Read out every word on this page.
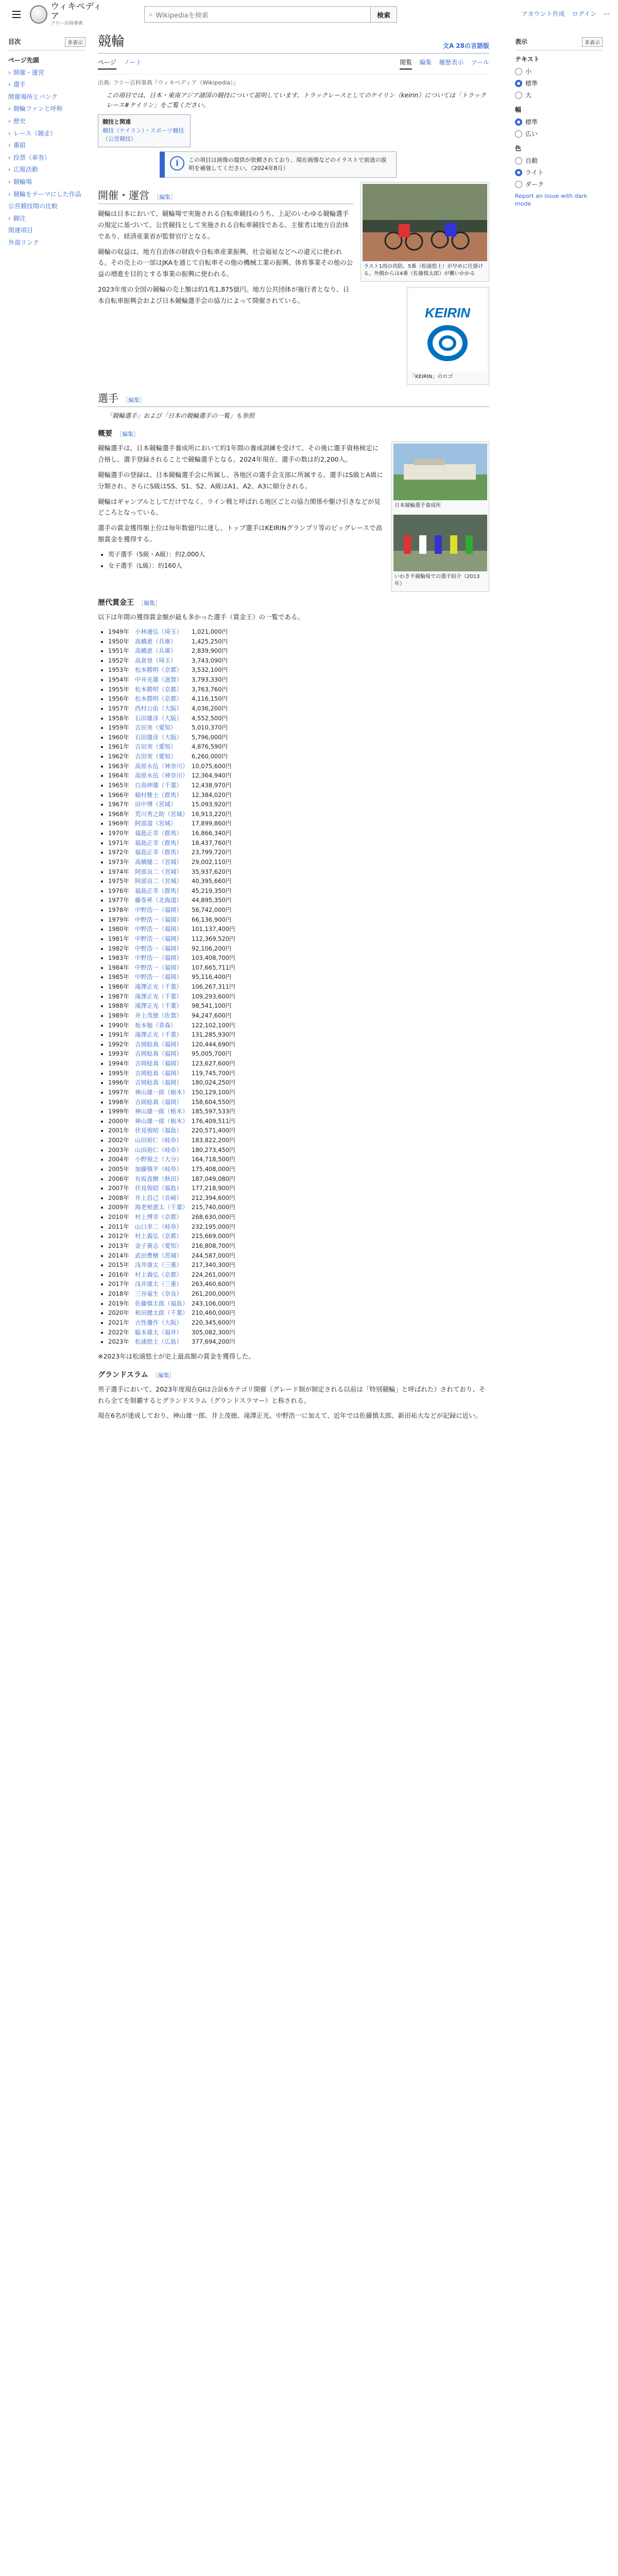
ウィキペディア
フリー百科事典
⌕ Wikipediaを検索	検索	アカウント作成 ログイン ⋯
目次	非表示
ページ先頭
› 開催・運営
› 選手
開催場所とバンク
› 競輪ファンと呼称
› 歴史
› レース（競走）
› 番組
› 投票（車券）
› 広報活動
› 競輪場
› 競輪をテーマにした作品
公営競技間の比較
› 脚注
関連項目
外部リンク
競輪	文A 28の言語版
ページ ノート	閲覧 編集 履歴表示 ツール
出典: フリー百科事典『ウィキペディア（Wikipedia）』
この項目では、日本・東南アジア諸国の競技について説明しています。トラックレースとしてのケイリン（keirin）については「トラックレース#ケイリン」をご覧ください。
競技と関連
競技（ケイリン）・スポーツ競技（公営競技）
i	この項目は画像の提供が依頼されており、現在画像などのイラストで前途の説明を補強してください。（2024年8月）
ラスト1周の攻防。5番（松浦悠士）が早めに仕掛ける。外側からは4番（佐藤慎太郎）が襲いかかる
開催・運営	［ 編集 ］

競輪は日本において、競輪場で実施される自転車競技のうち、上記のいわゆる競輪選手の規定に基づいて、公営競技として実施される自転車競技である。主催者は地方自治体であり、経済産業省が監督官庁となる。

KEIRIN
「KEIRIN」のロゴ

競輪の収益は、地方自治体の財政や自転車産業振興、社会福祉などへの還元に使われる。その売上の一部はJKAを通じて自転車その他の機械工業の振興、体育事業その他の公益の増進を目的とする事業の振興に使われる。

2023年度の全国の競輪の売上額は約1兆1,875億円。地方公共団体が施行者となり、日本自転車振興会および日本競輪選手会の協力によって開催されている。

選手	［ 編集 ］
「競輪選手」および「日本の競輪選手の一覧」も参照
概要	［ 編集 ］
日本競輪選手養成所
いわき平競輪場での選手紹介（2013年）

競輪選手は、日本競輪選手養成所において約1年間の養成訓練を受けて、その後に選手資格検定に合格し、選手登録されることで競輪選手となる。2024年現在、選手の数は約2,200人。

競輪選手の登録は、日本競輪選手会に所属し、各地区の選手会支部に所属する。選手はS級とA級に分類され、さらにS級はSS、S1、S2、A級はA1、A2、A3に細分される。

競輪はギャンブルとしてだけでなく、ライン戦と呼ばれる地区ごとの協力関係や駆け引きなどが見どころとなっている。

選手の賞金獲得額上位は毎年数億円に達し、トップ選手はKEIRINグランプリ等のビッグレースで高額賞金を獲得する。

• 男子選手（S級・A級）：約2,000人
• 女子選手（L級）：約160人
歴代賞金王	［ 編集 ］

以下は年間の獲得賞金額が最も多かった選手（賞金王）の一覧である。

• 1949年 小林通弘（埼玉） 1,021,000円
• 1950年 高橋恵（兵庫）	1,425,250円
• 1951年 高橋恵（兵庫）	2,839,900円
• 1952年 高倉登（埼玉）	3,743,090円
• 1953年 松本勝明（京都） 3,532,100円
• 1954年 中井光雄（滋賀） 3,793,330円
• 1955年 松本勝明（京都） 3,763,760円
• 1956年 松本勝明（京都） 4,116,150円
• 1957年 西村公佑（大阪） 4,036,200円
• 1958年 石田雄彦（大阪） 4,552,500円
• 1959年 吉田実（愛知）	5,010,370円
• 1960年 石田雄彦（大阪） 5,796,000円
• 1961年 吉田実（愛知）	4,876,590円
• 1962年 吉田実（愛知）	6,260,000円
• 1963年 高原永伍（神奈川） 10,075,600円
• 1964年 高原永伍（神奈川） 12,364,940円
• 1965年 白鳥伸雄（千葉） 12,438,970円
• 1966年 稲村雅士（群馬） 12,384,020円
• 1967年 田中博（宮城）	15,093,920円
• 1968年 荒川秀之助（宮城） 16,913,220円
• 1969年 阿部道（宮城）	17,899,860円
• 1970年 福島正幸（群馬） 16,866,340円
• 1971年 福島正幸（群馬） 18,437,760円
• 1972年 福島正幸（群馬） 23,799,720円
• 1973年 高橋健二（宮城） 29,002,110円
• 1974年 阿部良二（宮城） 35,937,620円
• 1975年 阿部良二（宮城） 40,395,660円
• 1976年 福島正幸（群馬） 45,219,350円
• 1977年 藤巻昇（北海道） 44,895,350円
• 1978年 中野浩一（福岡） 56,742,000円
• 1979年 中野浩一（福岡） 66,136,900円
• 1980年 中野浩一（福岡） 101,137,400円
• 1981年 中野浩一（福岡） 112,369,520円
• 1982年 中野浩一（福岡） 92,106,200円
• 1983年 中野浩一（福岡） 103,408,700円
• 1984年 中野浩一（福岡） 107,665,711円
• 1985年 中野浩一（福岡） 95,116,400円
• 1986年 滝澤正光（千葉） 106,267,311円
• 1987年 滝澤正光（千葉） 109,293,600円
• 1988年 滝澤正光（千葉） 98,541,100円
• 1989年 井上茂徳（佐賀） 94,247,600円
• 1990年 坂本勉（青森）	122,102,100円
• 1991年 滝澤正光（千葉） 131,285,930円
• 1992年 吉岡稔真（福岡） 120,444,690円
• 1993年 吉岡稔真（福岡） 95,005,700円
• 1994年 吉岡稔真（福岡） 123,627,600円
• 1995年 吉岡稔真（福岡） 119,745,700円
• 1996年 吉岡稔真（福岡） 180,024,250円
• 1997年 神山雄一郎（栃木） 150,129,100円
• 1998年 吉岡稔真（福岡） 158,604,550円
• 1999年 神山雄一郎（栃木） 185,597,533円
• 2000年 神山雄一郎（栃木） 176,409,511円
• 2001年 伏見俊昭（福島） 220,571,400円
• 2002年 山田裕仁（岐阜） 183,822,200円
• 2003年 山田裕仁（岐阜） 180,273,450円
• 2004年 小野俊之（大分） 164,718,500円
• 2005年 加藤慎平（岐阜） 175,408,000円
• 2006年 有坂直樹（秋田） 187,049,080円
• 2007年 伏見俊昭（福島） 177,218,900円
• 2008年 井上昌己（長崎） 212,394,600円
• 2009年 海老根恵太（千葉） 215,740,000円
• 2010年 村上博幸（京都） 268,630,000円
• 2011年 山口幸二（岐阜） 232,195,000円
• 2012年 村上義弘（京都） 215,669,000円
• 2013年 金子貴志（愛知） 216,808,700円
• 2014年 武田豊樹（茨城） 244,587,000円
• 2015年 浅井康太（三重） 217,340,300円
• 2016年 村上義弘（京都） 224,261,000円
• 2017年 浅井康太（三重） 263,460,600円
• 2018年 三谷竜生（奈良） 261,200,000円
• 2019年 佐藤慎太郎（福島） 243,106,000円
• 2020年 和田健太郎（千葉） 210,460,000円
• 2021年 古性優作（大阪） 220,345,600円
• 2022年 脇本雄太（福井） 305,082,300円
• 2023年 松浦悠士（広島） 377,694,200円

※2023年は松浦悠士が史上最高額の賞金を獲得した。

グランドスラム	［ 編集 ］

男子選手において、2023年度現在GIは合計6カテゴリ開催（グレード制が制定される以前は「特別競輪」と呼ばれた）されており、それら全てを制覇するとグランドスラム（グランドスラマー）と称される。

現在6名が達成しており、神山雄一郎、井上茂徳、滝澤正光、中野浩一に加えて、近年では佐藤慎太郎、新田祐大などが記録に近い。

表示	非表示
テキスト
小
標準
大
幅
標準
広い
色
自動
ライト
ダーク
Report an issue with dark mode
